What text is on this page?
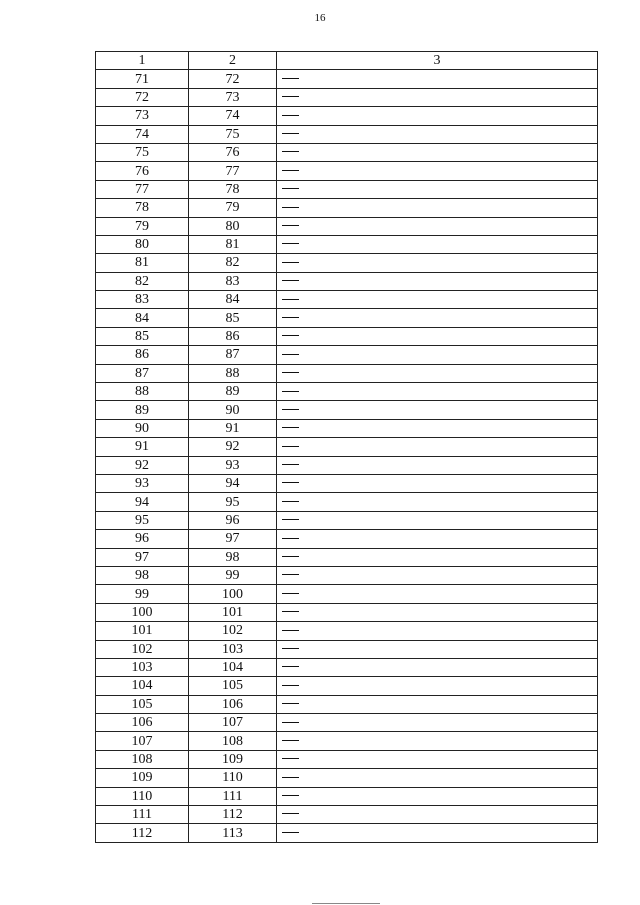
16
1	2	3
71	72	
72	73	
73	74	
74	75	
75	76	
76	77	
77	78	
78	79	
79	80	
80	81	
81	82	
82	83	
83	84	
84	85	
85	86	
86	87	
87	88	
88	89	
89	90	
90	91	
91	92	
92	93	
93	94	
94	95	
95	96	
96	97	
97	98	
98	99	
99	100	
100	101	
101	102	
102	103	
103	104	
104	105	
105	106	
106	107	
107	108	
108	109	
109	110	
110	111	
111	112	
112	113	
